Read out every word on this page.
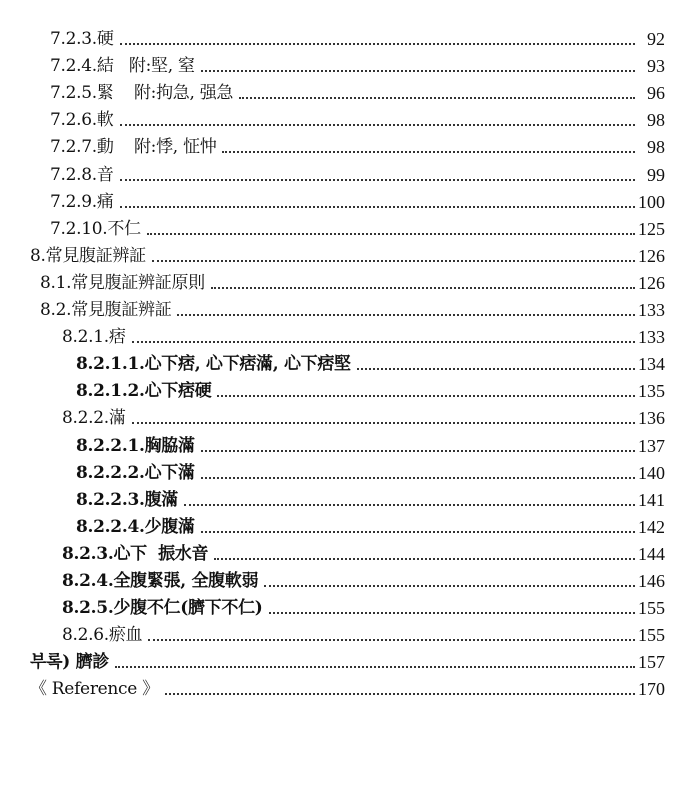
7.2.3.硬	92
7.2.4.結   附:堅, 窒	93
7.2.5.緊    附:拘急, 强急	96
7.2.6.軟	98
7.2.7.動    附:悸, 怔忡	98
7.2.8.音	99
7.2.9.痛	100
7.2.10.不仁	125
8.常見腹証辨証	126
8.1.常見腹証辨証原則	126
8.2.常見腹証辨証	133
8.2.1.痞	133
8.2.1.1.心下痞, 心下痞滿, 心下痞堅	134
8.2.1.2.心下痞硬	135
8.2.2.滿	136
8.2.2.1.胸脇滿	137
8.2.2.2.心下滿	140
8.2.2.3.腹滿	141
8.2.2.4.少腹滿	142
8.2.3.心下  振水音	144
8.2.4.全腹緊張, 全腹軟弱	146
8.2.5.少腹不仁(臍下不仁)	155
8.2.6.瘀血	155
부록) 臍診	157
《 Reference 》	170
